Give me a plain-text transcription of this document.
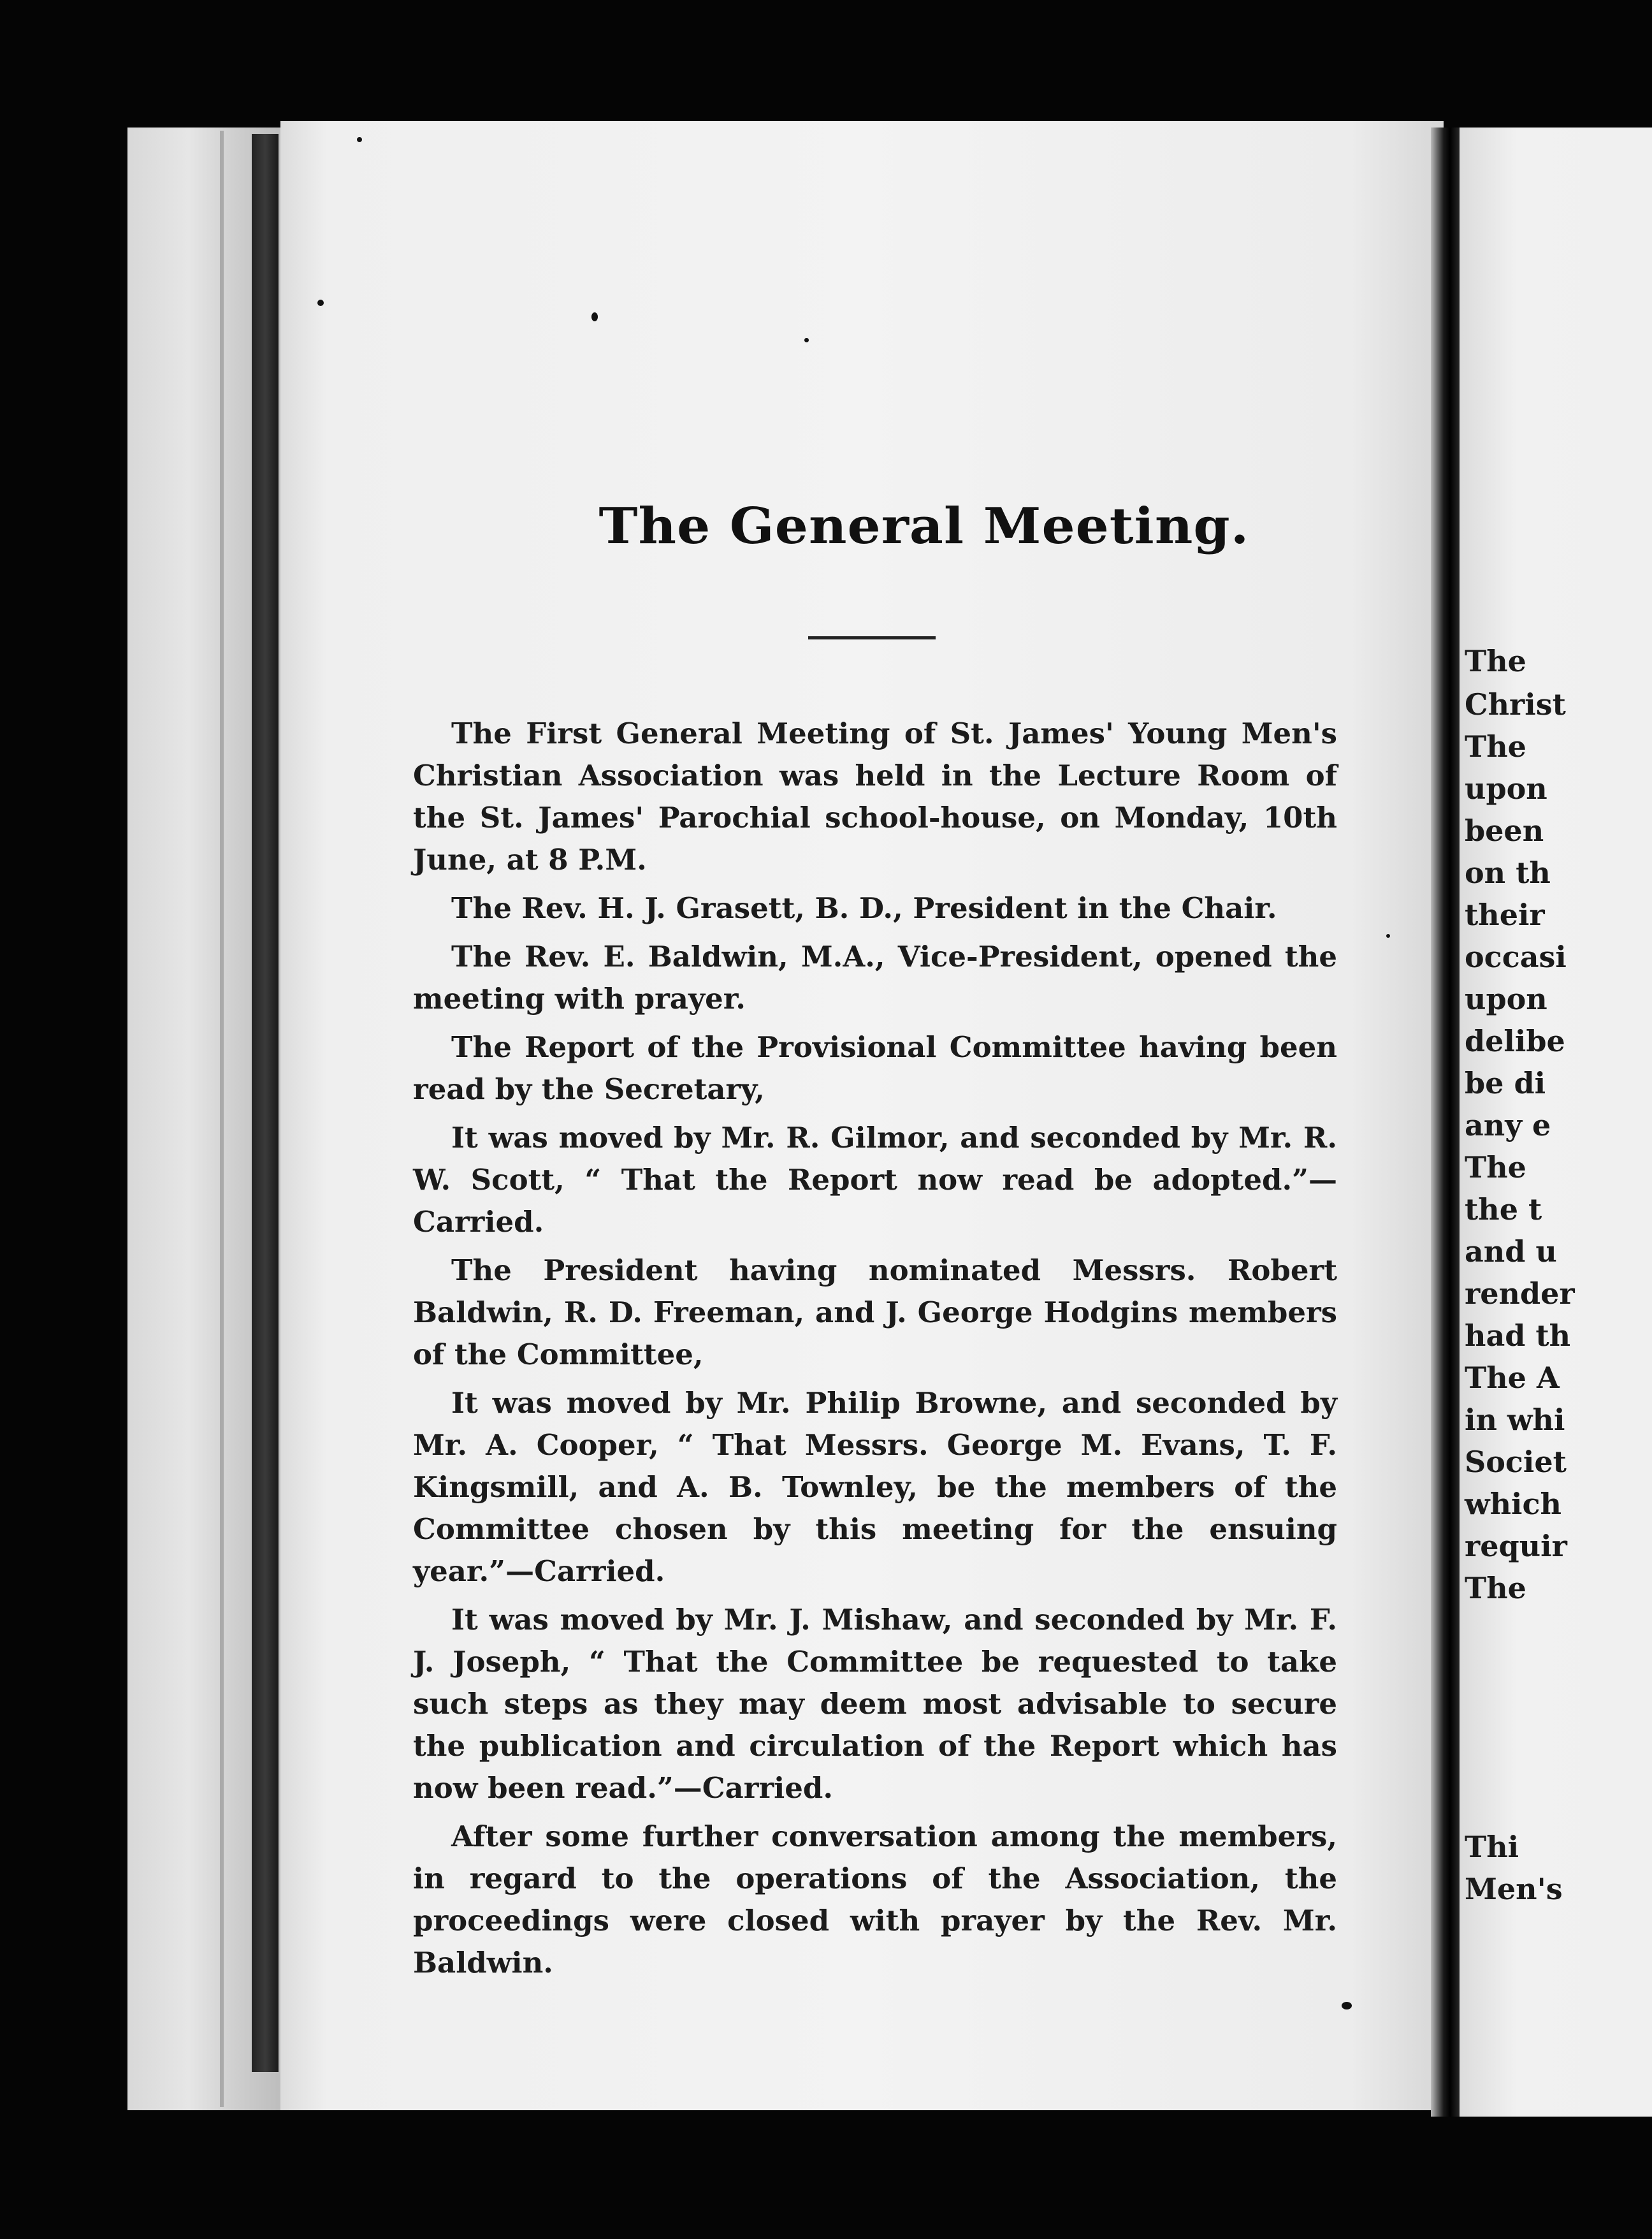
The
Christ
The
upon
been
on th
their
occasi
upon
delibe
be di
any e
The
the t
and u
render
had th
The A
in whi
Societ
which
requir
The
Thi
Men's
The General Meeting.

The First General Meeting of St. James' Young Men's Christian Association was held in the Lecture Room of the St. James' Parochial school-house, on Monday, 10th June, at 8 P.M.

The Rev. H. J. Grasett, B. D., President in the Chair.

The Rev. E. Baldwin, M.A., Vice-President, opened the meeting with prayer.

The Report of the Provisional Committee having been read by the Secretary,

It was moved by Mr. R. Gilmor, and seconded by Mr. R. W. Scott, “ That the Report now read be adopted.”— Carried.

The President having nominated Messrs. Robert Baldwin, R. D. Freeman, and J. George Hodgins members of the Committee,

It was moved by Mr. Philip Browne, and seconded by Mr. A. Cooper, “ That Messrs. George M. Evans, T. F. Kingsmill, and A. B. Townley, be the members of the Committee chosen by this meeting for the ensuing year.”—Carried.

It was moved by Mr. J. Mishaw, and seconded by Mr. F. J. Joseph, “ That the Committee be requested to take such steps as they may deem most advisable to secure the publication and circulation of the Report which has now been read.”—Carried.

After some further conversation among the members, in regard to the operations of the Association, the proceedings were closed with prayer by the Rev. Mr. Baldwin.
